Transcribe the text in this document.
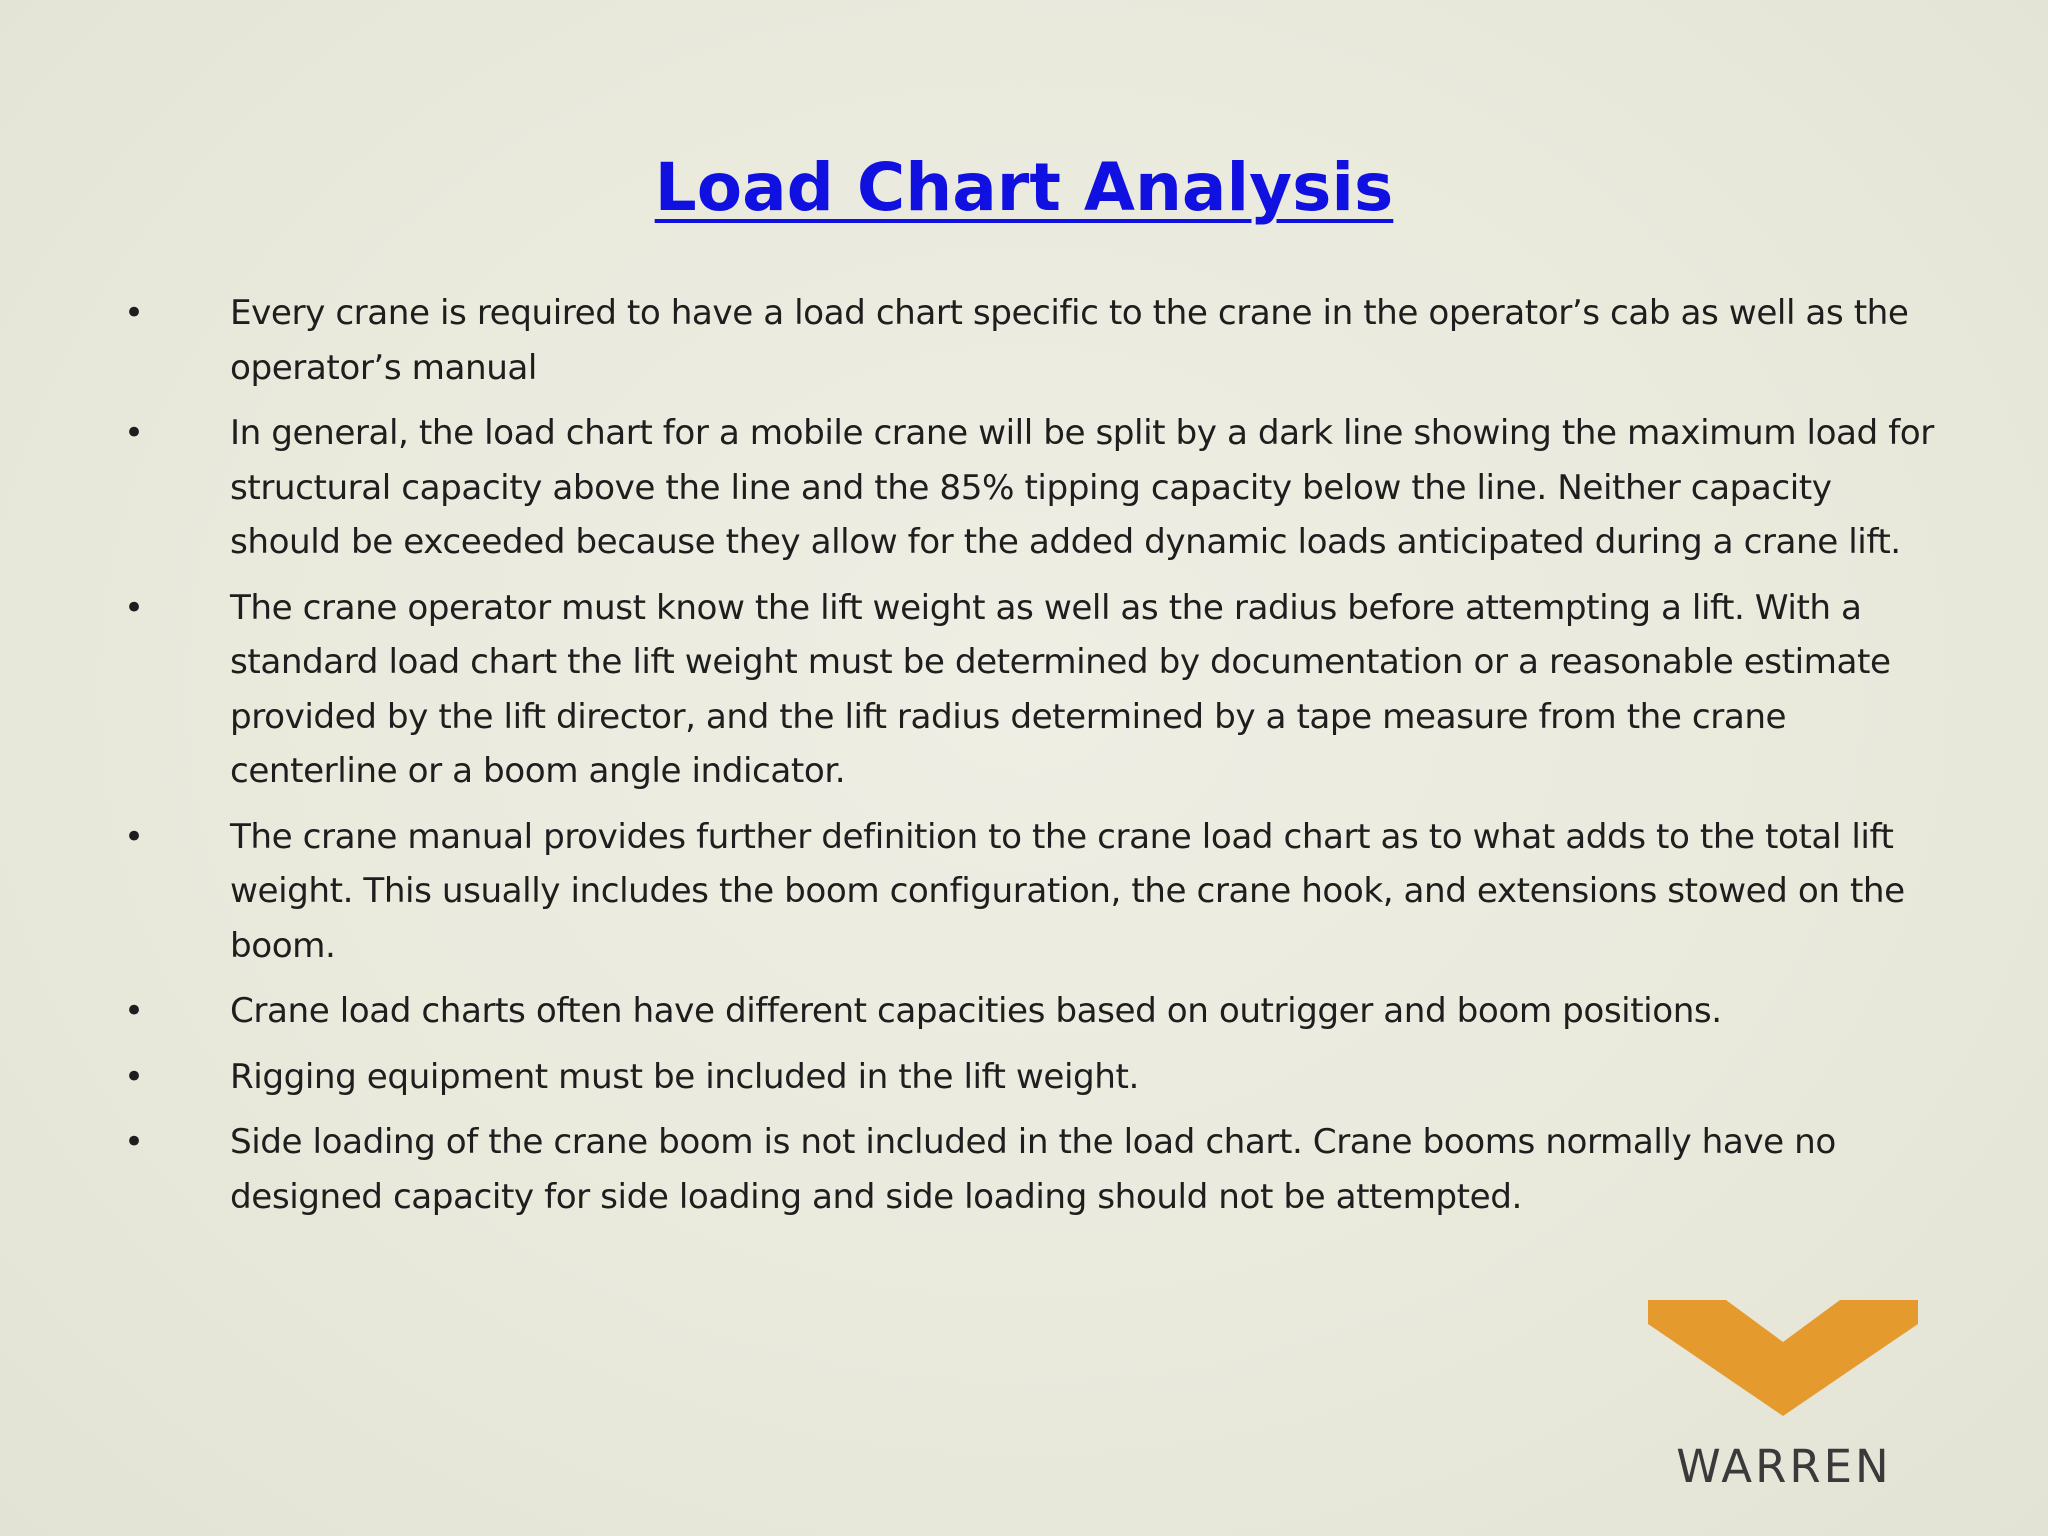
Load Chart Analysis
•	Every crane is required to have a load chart specific to the crane in the operator’s cab as well as the operator’s manual
•	In general, the load chart for a mobile crane will be split by a dark line showing the maximum load for structural capacity above the line and the 85% tipping capacity below the line. Neither capacity should be exceeded because they allow for the added dynamic loads anticipated during a crane lift.
•	The crane operator must know the lift weight as well as the radius before attempting a lift. With a standard load chart the lift weight must be determined by documentation or a reasonable estimate provided by the lift director, and the lift radius determined by a tape measure from the crane centerline or a boom angle indicator.
•	The crane manual provides further definition to the crane load chart as to what adds to the total lift weight. This usually includes the boom configuration, the crane hook, and extensions stowed on the boom.
•	Crane load charts often have different capacities based on outrigger and boom positions.
•	Rigging equipment must be included in the lift weight.
•	Side loading of the crane boom is not included in the load chart. Crane booms normally have no designed capacity for side loading and side loading should not be attempted.
WARREN
